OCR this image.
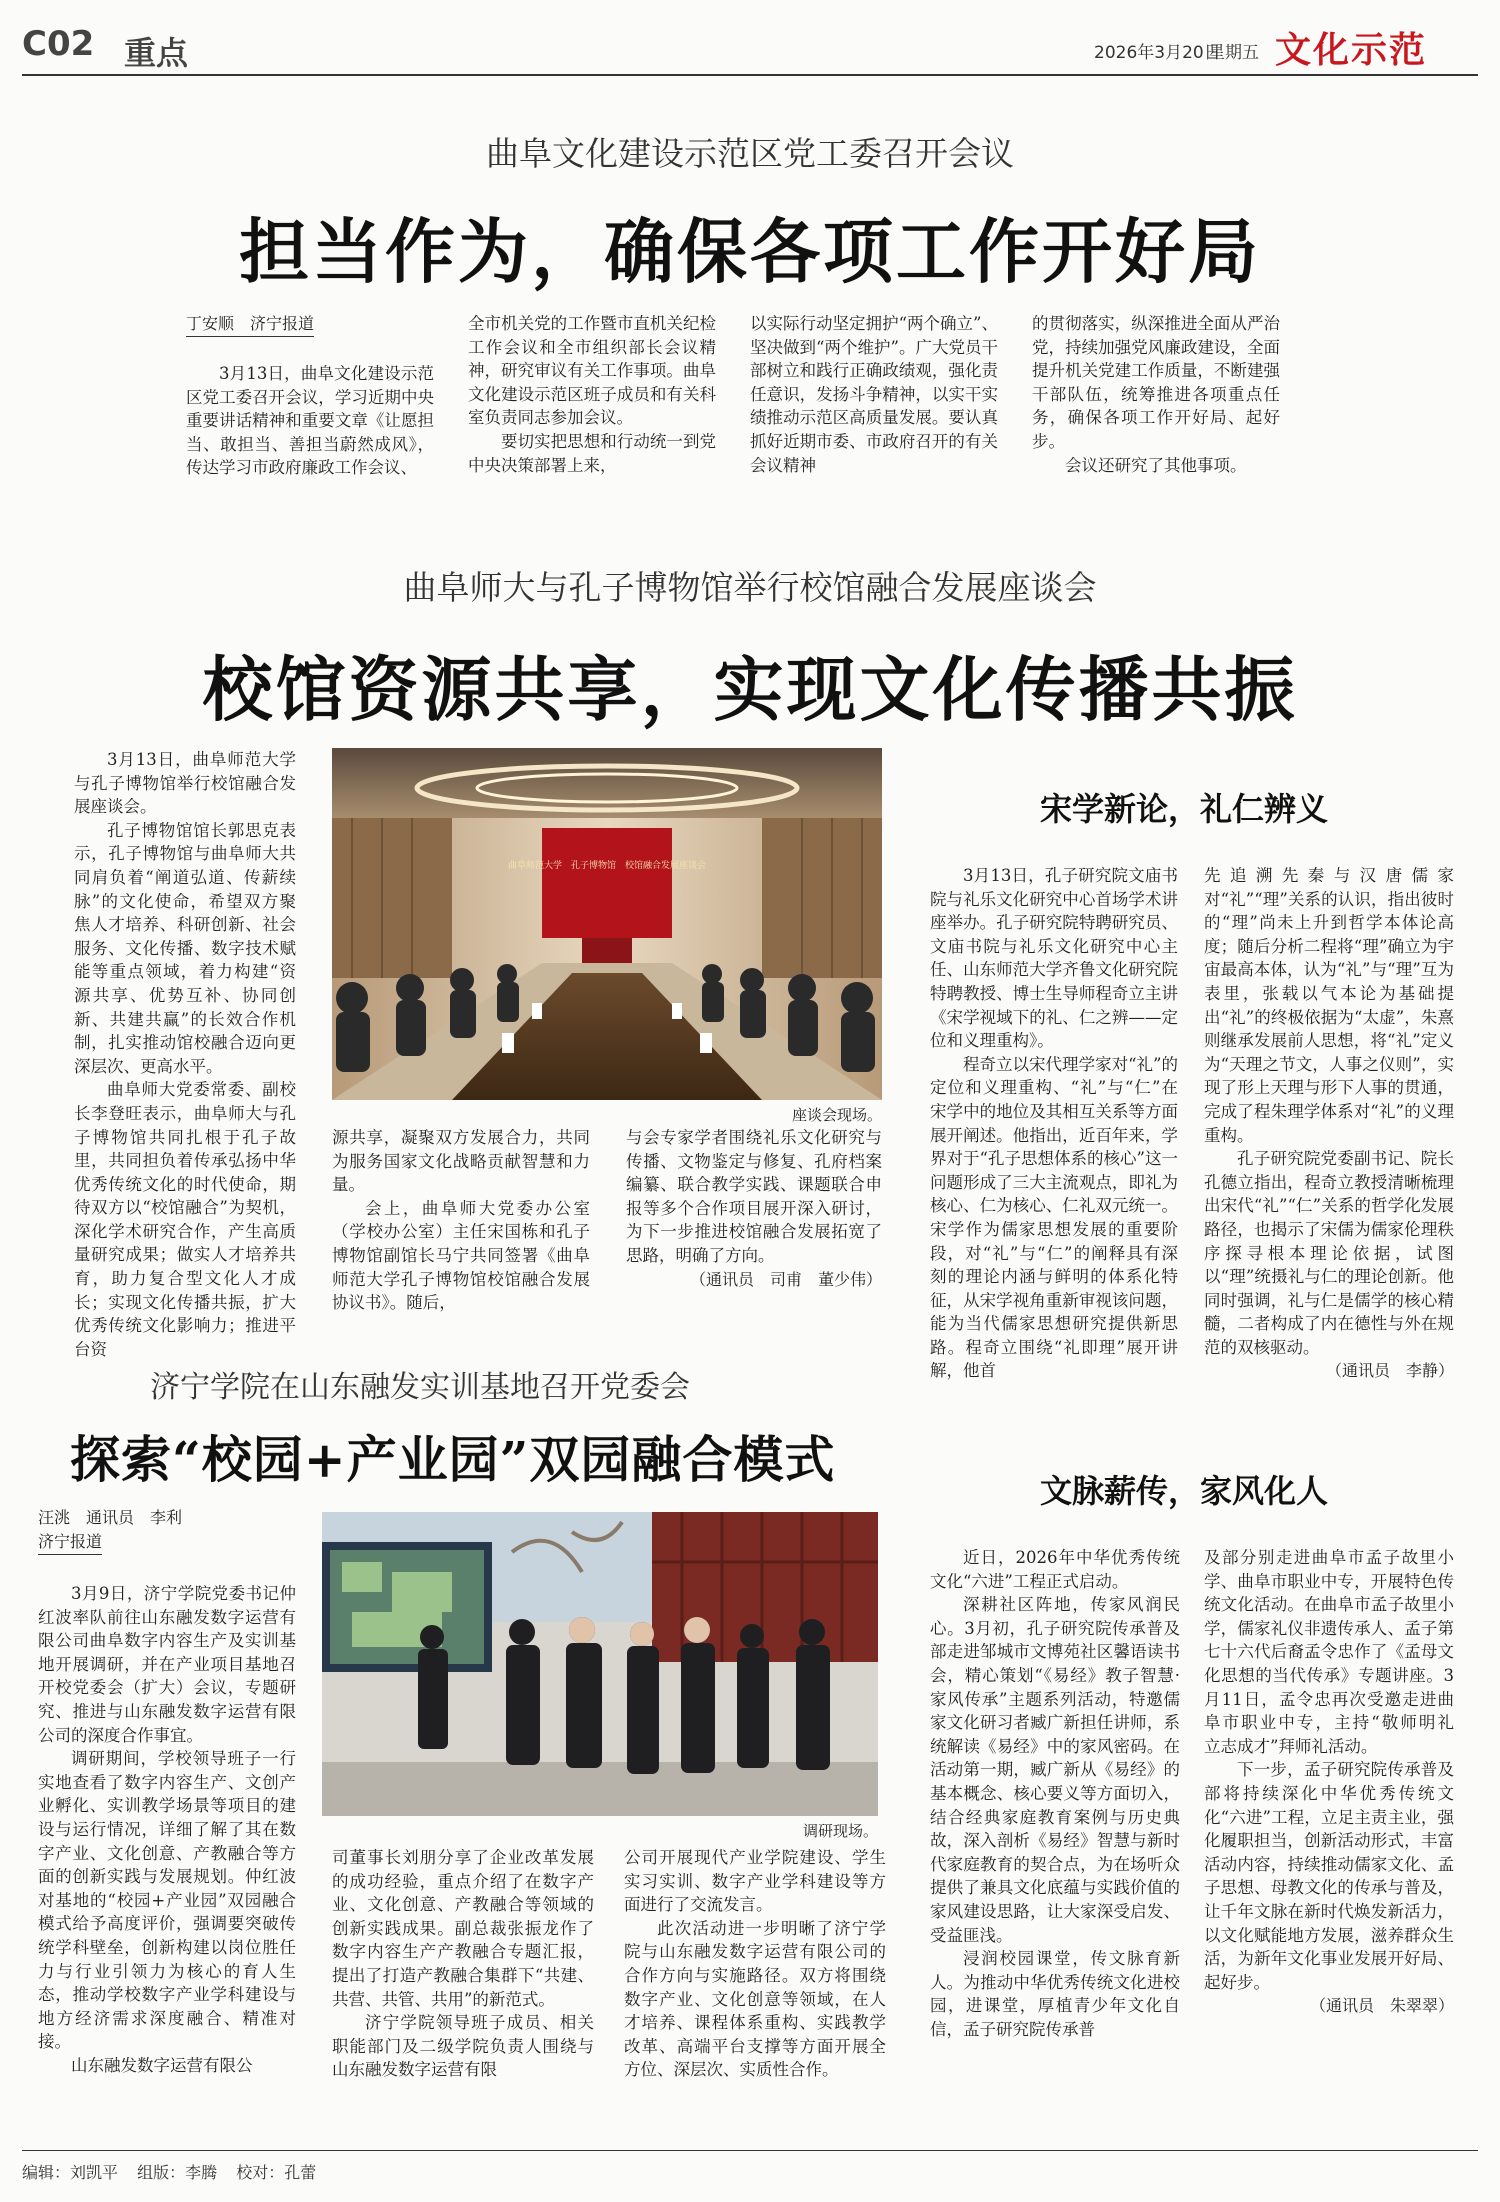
C02 重点	2026年3月20日
星期五 文化示范
曲阜文化建设示范区党工委召开会议
担当作为，确保各项工作开好局
丁安顺　济宁报道

3月13日，曲阜文化建设示范区党工委召开会议，学习近期中央重要讲话精神和重要文章《让愿担当、敢担当、善担当蔚然成风》，传达学习市政府廉政工作会议、

全市机关党的工作暨市直机关纪检工作会议和全市组织部长会议精神，研究审议有关工作事项。曲阜文化建设示范区班子成员和有关科室负责同志参加会议。

要切实把思想和行动统一到党中央决策部署上来，

以实际行动坚定拥护“两个确立”、坚决做到“两个维护”。广大党员干部树立和践行正确政绩观，强化责任意识，发扬斗争精神，以实干实绩推动示范区高质量发展。要认真抓好近期市委、市政府召开的有关会议精神

的贯彻落实，纵深推进全面从严治党，持续加强党风廉政建设，全面提升机关党建工作质量，不断建强干部队伍，统筹推进各项重点任务，确保各项工作开好局、起好步。

会议还研究了其他事项。

曲阜师大与孔子博物馆举行校馆融合发展座谈会
校馆资源共享，实现文化传播共振

3月13日，曲阜师范大学与孔子博物馆举行校馆融合发展座谈会。

孔子博物馆馆长郭思克表示，孔子博物馆与曲阜师大共同肩负着“阐道弘道、传薪续脉”的文化使命，希望双方聚焦人才培养、科研创新、社会服务、文化传播、数字技术赋能等重点领域，着力构建“资源共享、优势互补、协同创新、共建共赢”的长效合作机制，扎实推动馆校融合迈向更深层次、更高水平。

曲阜师大党委常委、副校长李登旺表示，曲阜师大与孔子博物馆共同扎根于孔子故里，共同担负着传承弘扬中华优秀传统文化的时代使命，期待双方以“校馆融合”为契机，深化学术研究合作，产生高质量研究成果；做实人才培养共育，助力复合型文化人才成长；实现文化传播共振，扩大优秀传统文化影响力；推进平台资

曲阜师范大学　孔子博物馆　校馆融合发展座谈会
座谈会现场。

源共享，凝聚双方发展合力，共同为服务国家文化战略贡献智慧和力量。

会上，曲阜师大党委办公室（学校办公室）主任宋国栋和孔子博物馆副馆长马宁共同签署《曲阜师范大学孔子博物馆校馆融合发展协议书》。随后，

与会专家学者围绕礼乐文化研究与传播、文物鉴定与修复、孔府档案编纂、联合教学实践、课题联合申报等多个合作项目展开深入研讨，为下一步推进校馆融合发展拓宽了思路，明确了方向。

（通讯员　司甫　董少伟）
宋学新论，礼仁辨义

3月13日，孔子研究院文庙书院与礼乐文化研究中心首场学术讲座举办。孔子研究院特聘研究员、文庙书院与礼乐文化研究中心主任、山东师范大学齐鲁文化研究院特聘教授、博士生导师程奇立主讲《宋学视域下的礼、仁之辨——定位和义理重构》。

程奇立以宋代理学家对“礼”的定位和义理重构、“礼”与“仁”在宋学中的地位及其相互关系等方面展开阐述。他指出，近百年来，学界对于“孔子思想体系的核心”这一问题形成了三大主流观点，即礼为核心、仁为核心、仁礼双元统一。宋学作为儒家思想发展的重要阶段，对“礼”与“仁”的阐释具有深刻的理论内涵与鲜明的体系化特征，从宋学视角重新审视该问题，能为当代儒家思想研究提供新思路。程奇立围绕“礼即理”展开讲解，他首

先追溯先秦与汉唐儒家对“礼”“理”关系的认识，指出彼时的“理”尚未上升到哲学本体论高度；随后分析二程将“理”确立为宇宙最高本体，认为“礼”与“理”互为表里，张载以气本论为基础提出“礼”的终极依据为“太虚”，朱熹则继承发展前人思想，将“礼”定义为“天理之节文，人事之仪则”，实现了形上天理与形下人事的贯通，完成了程朱理学体系对“礼”的义理重构。

孔子研究院党委副书记、院长孔德立指出，程奇立教授清晰梳理出宋代“礼”“仁”关系的哲学化发展路径，也揭示了宋儒为儒家伦理秩序探寻根本理论依据，试图以“理”统摄礼与仁的理论创新。他同时强调，礼与仁是儒学的核心精髓，二者构成了内在德性与外在规范的双核驱动。

（通讯员　李静）
济宁学院在山东融发实训基地召开党委会
探索“校园+产业园”双园融合模式
汪洮　通讯员　李利
济宁报道

3月9日，济宁学院党委书记仲红波率队前往山东融发数字运营有限公司曲阜数字内容生产及实训基地开展调研，并在产业项目基地召开校党委会（扩大）会议，专题研究、推进与山东融发数字运营有限公司的深度合作事宜。

调研期间，学校领导班子一行实地查看了数字内容生产、文创产业孵化、实训教学场景等项目的建设与运行情况，详细了解了其在数字产业、文化创意、产教融合等方面的创新实践与发展规划。仲红波对基地的“校园+产业园”双园融合模式给予高度评价，强调要突破传统学科壁垒，创新构建以岗位胜任力与行业引领力为核心的育人生态，推动学校数字产业学科建设与地方经济需求深度融合、精准对接。

山东融发数字运营有限公

调研现场。

司董事长刘朋分享了企业改革发展的成功经验，重点介绍了在数字产业、文化创意、产教融合等领域的创新实践成果。副总裁张振龙作了数字内容生产产教融合专题汇报，提出了打造产教融合集群下“共建、共营、共管、共用”的新范式。

济宁学院领导班子成员、相关职能部门及二级学院负责人围绕与山东融发数字运营有限

公司开展现代产业学院建设、学生实习实训、数字产业学科建设等方面进行了交流发言。

此次活动进一步明晰了济宁学院与山东融发数字运营有限公司的合作方向与实施路径。双方将围绕数字产业、文化创意等领域，在人才培养、课程体系重构、实践教学改革、高端平台支撑等方面开展全方位、深层次、实质性合作。

文脉薪传，家风化人

近日，2026年中华优秀传统文化“六进”工程正式启动。

深耕社区阵地，传家风润民心。3月初，孔子研究院传承普及部走进邹城市文博苑社区馨语读书会，精心策划“《易经》教子智慧·家风传承”主题系列活动，特邀儒家文化研习者臧广新担任讲师，系统解读《易经》中的家风密码。在活动第一期，臧广新从《易经》的基本概念、核心要义等方面切入，结合经典家庭教育案例与历史典故，深入剖析《易经》智慧与新时代家庭教育的契合点，为在场听众提供了兼具文化底蕴与实践价值的家风建设思路，让大家深受启发、受益匪浅。

浸润校园课堂，传文脉育新人。为推动中华优秀传统文化进校园，进课堂，厚植青少年文化自信，孟子研究院传承普

及部分别走进曲阜市孟子故里小学、曲阜市职业中专，开展特色传统文化活动。在曲阜市孟子故里小学，儒家礼仪非遗传承人、孟子第七十六代后裔孟令忠作了《孟母文化思想的当代传承》专题讲座。3月11日，孟令忠再次受邀走进曲阜市职业中专，主持“敬师明礼　立志成才”拜师礼活动。

下一步，孟子研究院传承普及部将持续深化中华优秀传统文化“六进”工程，立足主责主业，强化履职担当，创新活动形式，丰富活动内容，持续推动儒家文化、孟子思想、母教文化的传承与普及，让千年文脉在新时代焕发新活力，以文化赋能地方发展，滋养群众生活，为新年文化事业发展开好局、起好步。

（通讯员　朱翠翠）
编辑：刘凯平 组版：李腾 校对：孔蕾
